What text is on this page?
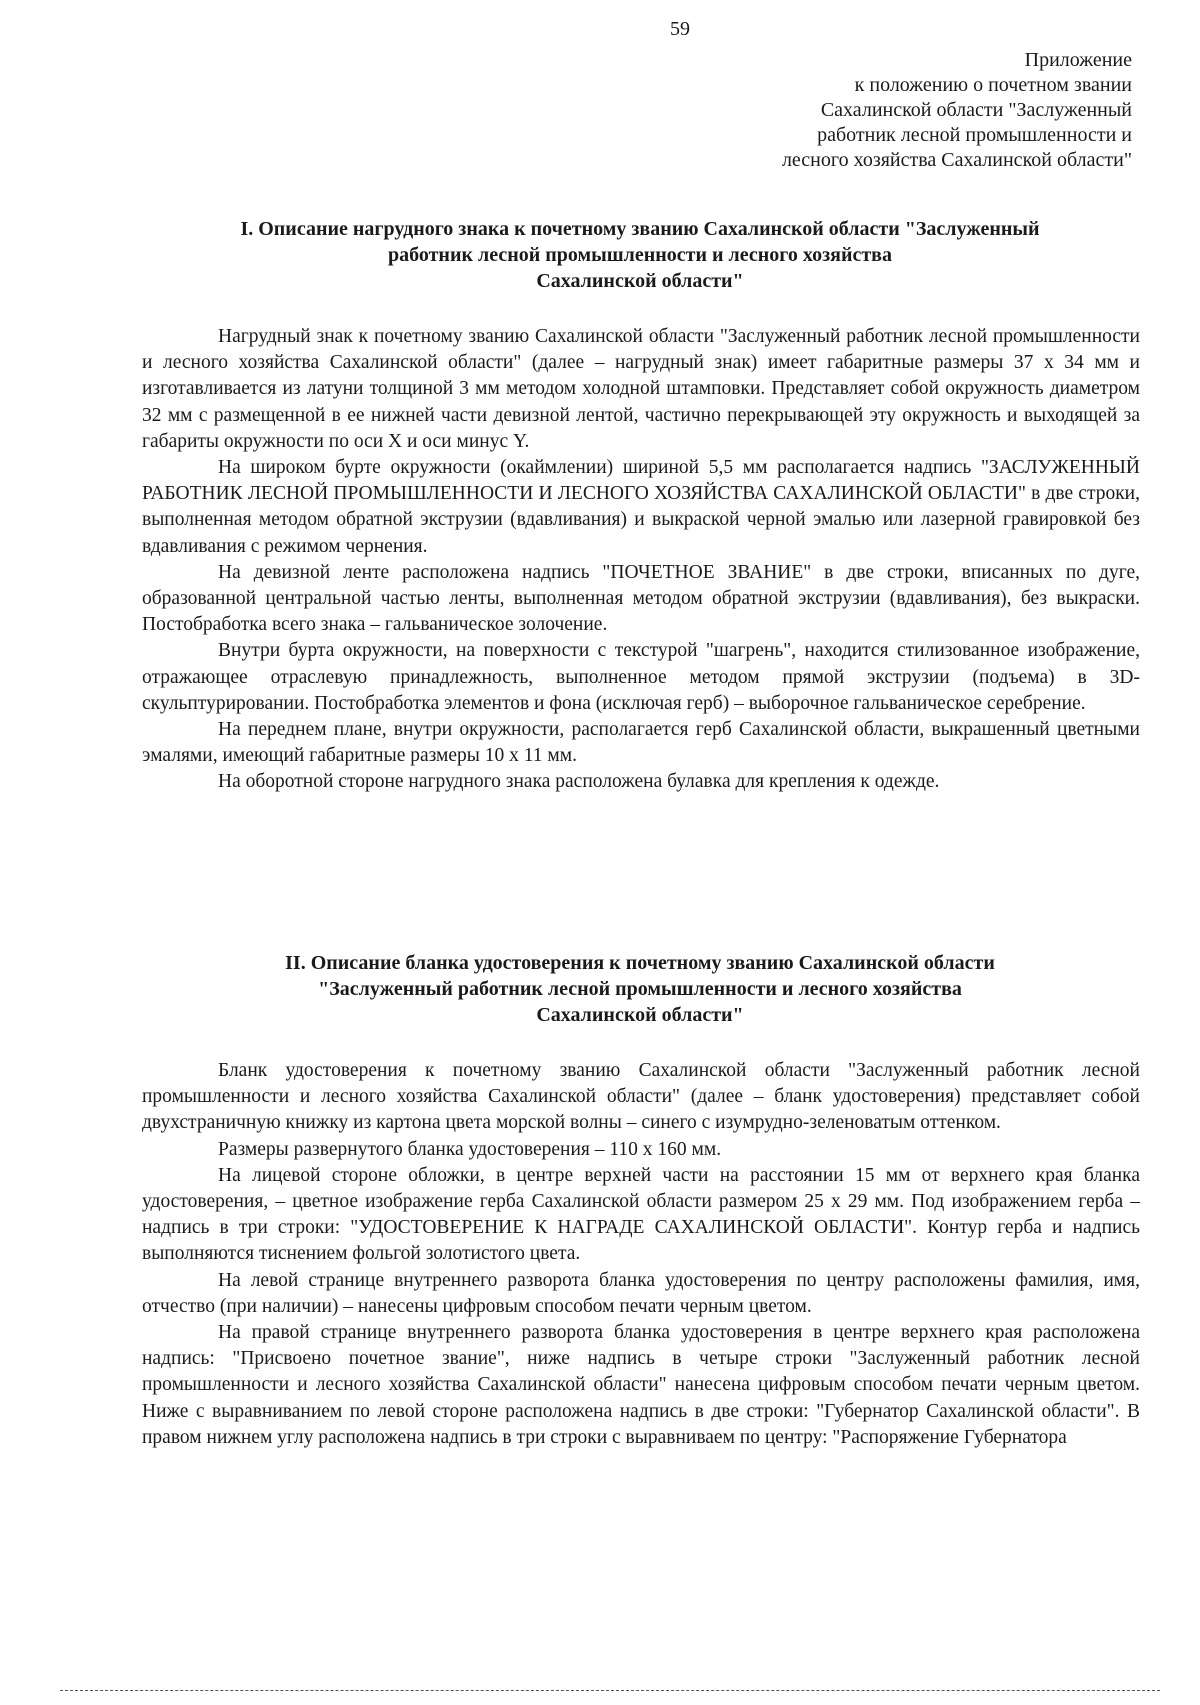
59
Приложение
к положению о почетном звании
Сахалинской области "Заслуженный
работник лесной промышленности и
лесного хозяйства Сахалинской области"
I. Описание нагрудного знака к почетному званию Сахалинской области "Заслуженный
работник лесной промышленности и лесного хозяйства
Сахалинской области"

Нагрудный знак к почетному званию Сахалинской области "Заслуженный работник лесной промышленности и лесного хозяйства Сахалинской области" (далее – нагрудный знак) имеет габаритные размеры 37 х 34 мм и изготавливается из латуни толщиной 3 мм методом холодной штамповки. Представляет собой окружность диаметром 32 мм с размещенной в ее нижней части девизной лентой, частично перекрывающей эту окружность и выходящей за габариты окружности по оси X и оси минус Y.

На широком бурте окружности (окаймлении) шириной 5,5 мм располагается надпись "ЗАСЛУЖЕННЫЙ РАБОТНИК ЛЕСНОЙ ПРОМЫШЛЕННОСТИ И ЛЕСНОГО ХОЗЯЙСТВА САХАЛИНСКОЙ ОБЛАСТИ" в две строки, выполненная методом обратной экструзии (вдавливания) и выкраской черной эмалью или лазерной гравировкой без вдавливания с режимом чернения.

На девизной ленте расположена надпись "ПОЧЕТНОЕ ЗВАНИЕ" в две строки, вписанных по дуге, образованной центральной частью ленты, выполненная методом обратной экструзии (вдавливания), без выкраски. Постобработка всего знака – гальваническое золочение.

Внутри бурта окружности, на поверхности с текстурой "шагрень", находится стилизованное изображение, отражающее отраслевую принадлежность, выполненное методом прямой экструзии (подъема) в 3D-скульптурировании. Постобработка элементов и фона (исключая герб) – выборочное гальваническое серебрение.

На переднем плане, внутри окружности, располагается герб Сахалинской области, выкрашенный цветными эмалями, имеющий габаритные размеры 10 х 11 мм.

На оборотной стороне нагрудного знака расположена булавка для крепления к одежде.

II. Описание бланка удостоверения к почетному званию Сахалинской области
"Заслуженный работник лесной промышленности и лесного хозяйства
Сахалинской области"

Бланк удостоверения к почетному званию Сахалинской области "Заслуженный работник лесной промышленности и лесного хозяйства Сахалинской области" (далее – бланк удостоверения) представляет собой двухстраничную книжку из картона цвета морской волны – синего с изумрудно-зеленоватым оттенком.

Размеры развернутого бланка удостоверения – 110 х 160 мм.

На лицевой стороне обложки, в центре верхней части на расстоянии 15 мм от верхнего края бланка удостоверения, – цветное изображение герба Сахалинской области размером 25 х 29 мм. Под изображением герба – надпись в три строки: "УДОСТОВЕРЕНИЕ К НАГРАДЕ САХАЛИНСКОЙ ОБЛАСТИ". Контур герба и надпись выполняются тиснением фольгой золотистого цвета.

На левой странице внутреннего разворота бланка удостоверения по центру расположены фамилия, имя, отчество (при наличии) – нанесены цифровым способом печати черным цветом.

На правой странице внутреннего разворота бланка удостоверения в центре верхнего края расположена надпись: "Присвоено почетное звание", ниже надпись в четыре строки "Заслуженный работник лесной промышленности и лесного хозяйства Сахалинской области" нанесена цифровым способом печати черным цветом. Ниже с выравниванием по левой стороне расположена надпись в две строки: "Губернатор Сахалинской области". В правом нижнем углу расположена надпись в три строки с выравниваем по центру: "Распоряжение Губернатора
